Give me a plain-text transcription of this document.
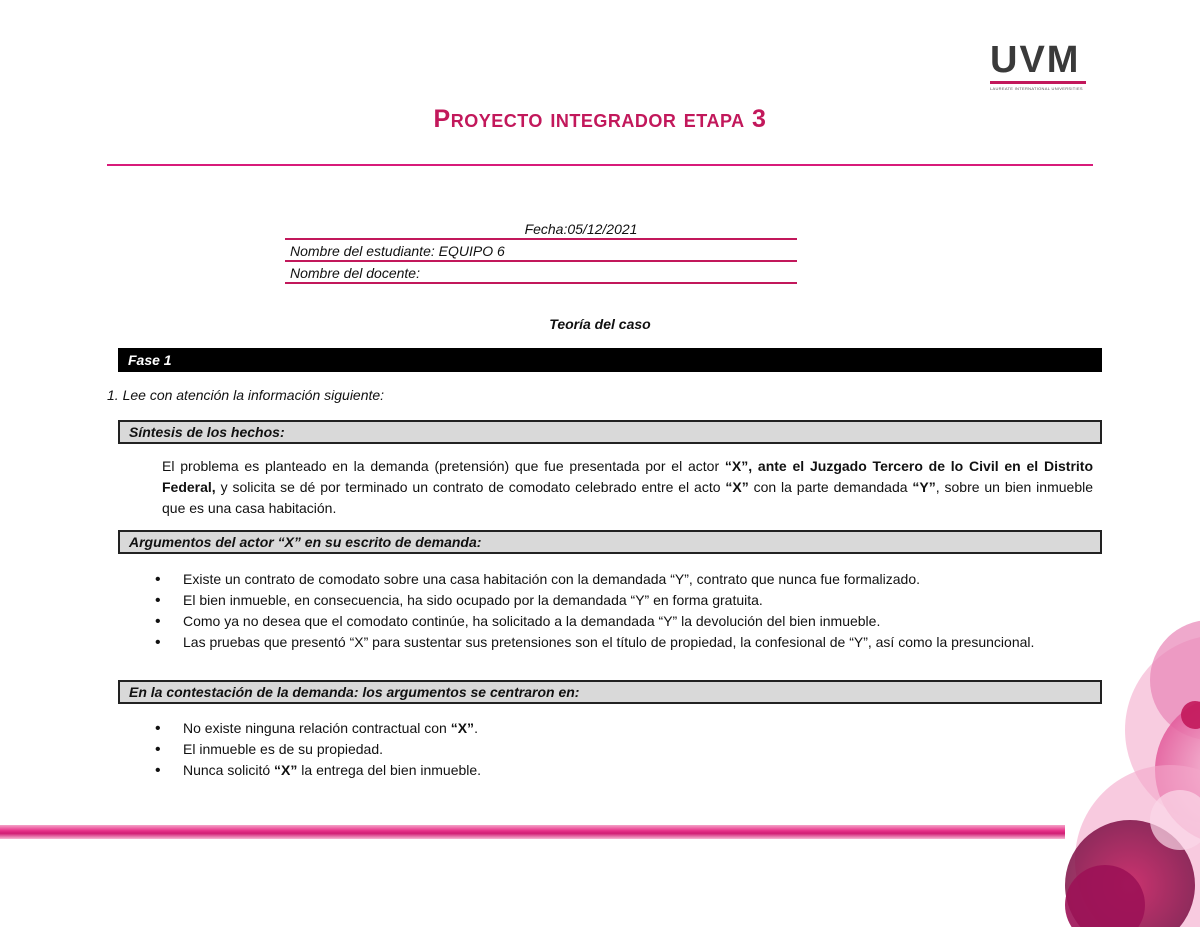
UVM
LAUREATE INTERNATIONAL UNIVERSITIES
Proyecto integrador etapa 3
Fecha:05/12/2021
Nombre del estudiante: EQUIPO 6
Nombre del docente:
Teoría del caso
Fase 1
1. Lee con atención la información siguiente:
Síntesis de los hechos:
El problema es planteado en la demanda (pretensión) que fue presentada por el actor “X”, ante el Juzgado Tercero de lo Civil en el Distrito Federal, y solicita se dé por terminado un contrato de comodato celebrado entre el acto “X” con la parte demandada “Y”, sobre un bien inmueble que es una casa habitación.
Argumentos del actor “X” en su escrito de demanda:
• Existe un contrato de comodato sobre una casa habitación con la demandada “Y”, contrato que nunca fue formalizado.
• El bien inmueble, en consecuencia, ha sido ocupado por la demandada “Y” en forma gratuita.
• Como ya no desea que el comodato continúe, ha solicitado a la demandada “Y” la devolución del bien inmueble.
• Las pruebas que presentó “X” para sustentar sus pretensiones son el título de propiedad, la confesional de “Y”, así como la presuncional.
En la contestación de la demanda: los argumentos se centraron en:
• No existe ninguna relación contractual con “X”.
• El inmueble es de su propiedad.
• Nunca solicitó “X” la entrega del bien inmueble.
